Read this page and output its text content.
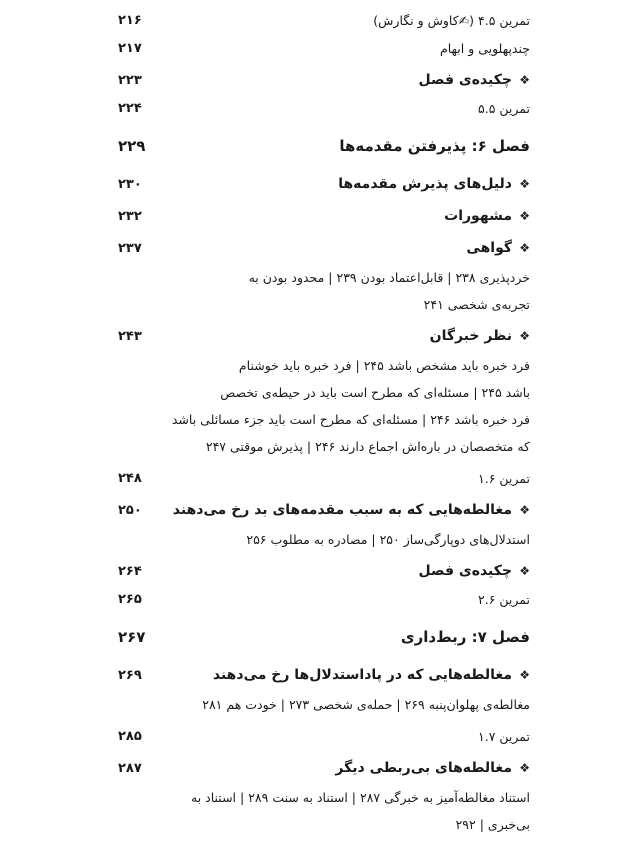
تمرین ۴.۵ (✍کاوش و نگارش)
۲۱۶
چندپهلویی و ابهام
۲۱۷
❖
چکیده‌ی فصل
۲۲۳
تمرین ۵.۵
۲۲۴
فصل ۶: پذیرفتن مقدمه‌ها
۲۲۹
❖
دلیل‌های پذیرش مقدمه‌ها
۲۳۰
❖
مشهورات
۲۳۲
❖
گواهی
۲۳۷
خردپذیری ۲۳۸ | قابل‌اعتماد بودن ۲۳۹ | محدود بودن به
تجربه‌ی شخصی ۲۴۱
❖
نظر خبرگان
۲۴۳
فرد خبره باید مشخص باشد ۲۴۵ | فرد خبره باید خوشنام
باشد ۲۴۵ | مسئله‌ای که مطرح است باید در حیطه‌ی تخصص
فرد خبره باشد ۲۴۶ | مسئله‌ای که مطرح است باید جزء مسائلی باشد
که متخصصان در باره‌اش اجماع دارند ۲۴۶ | پذیرش موقتی ۲۴۷
تمرین ۱.۶
۲۴۸
❖
مغالطه‌هایی که به سبب مقدمه‌های بد رخ می‌دهند
۲۵۰
استدلال‌های دوپارگی‌ساز ۲۵۰ | مصادره به مطلوب ۲۵۶
❖
چکیده‌ی فصل
۲۶۴
تمرین ۲.۶
۲۶۵
فصل ۷: ربط‌داری
۲۶۷
❖
مغالطه‌هایی که در پادا‌ستدلال‌ها رخ می‌دهند
۲۶۹
مغالطه‌ی پهلوان‌پنبه ۲۶۹ | حمله‌ی شخصی ۲۷۳ | خودت هم ۲۸۱
تمرین ۱.۷
۲۸۵
❖
مغالطه‌های بی‌ربطی دیگر
۲۸۷
استناد مغالطه‌آمیز به خبرگی ۲۸۷ | استناد به سنت ۲۸۹ | استناد به
بی‌خبری | ۲۹۲
